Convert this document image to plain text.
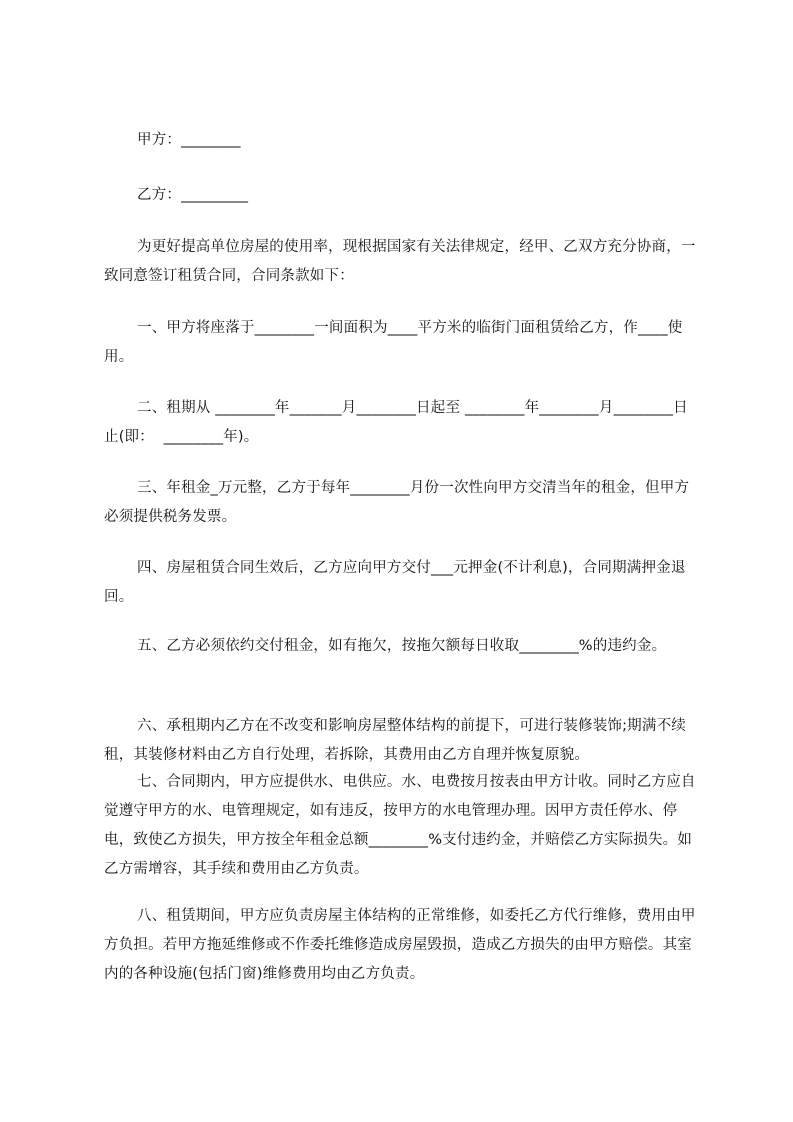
甲方：________

乙方：_________

为更好提高单位房屋的使用率，现根据国家有关法律规定，经甲、乙双方充分协商，一致同意签订租赁合同，合同条款如下：

一、甲方将座落于________一间面积为____平方米的临街门面租赁给乙方，作____使用。

二、租期从 ________年_______月________日起至 ________年________月________日止(即：  ________年)。

三、年租金_万元整，乙方于每年________月份一次性向甲方交清当年的租金，但甲方必须提供税务发票。

四、房屋租赁合同生效后，乙方应向甲方交付___元押金(不计利息)，合同期满押金退回。

五、乙方必须依约交付租金，如有拖欠，按拖欠额每日收取________%的违约金。

六、承租期内乙方在不改变和影响房屋整体结构的前提下，可进行装修装饰;期满不续租，其装修材料由乙方自行处理，若拆除，其费用由乙方自理并恢复原貌。

七、合同期内，甲方应提供水、电供应。水、电费按月按表由甲方计收。同时乙方应自觉遵守甲方的水、电管理规定，如有违反，按甲方的水电管理办理。因甲方责任停水、停电，致使乙方损失，甲方按全年租金总额________%支付违约金，并赔偿乙方实际损失。如乙方需增容，其手续和费用由乙方负责。

八、租赁期间，甲方应负责房屋主体结构的正常维修，如委托乙方代行维修，费用由甲方负担。若甲方拖延维修或不作委托维修造成房屋毁损，造成乙方损失的由甲方赔偿。其室内的各种设施(包括门窗)维修费用均由乙方负责。
